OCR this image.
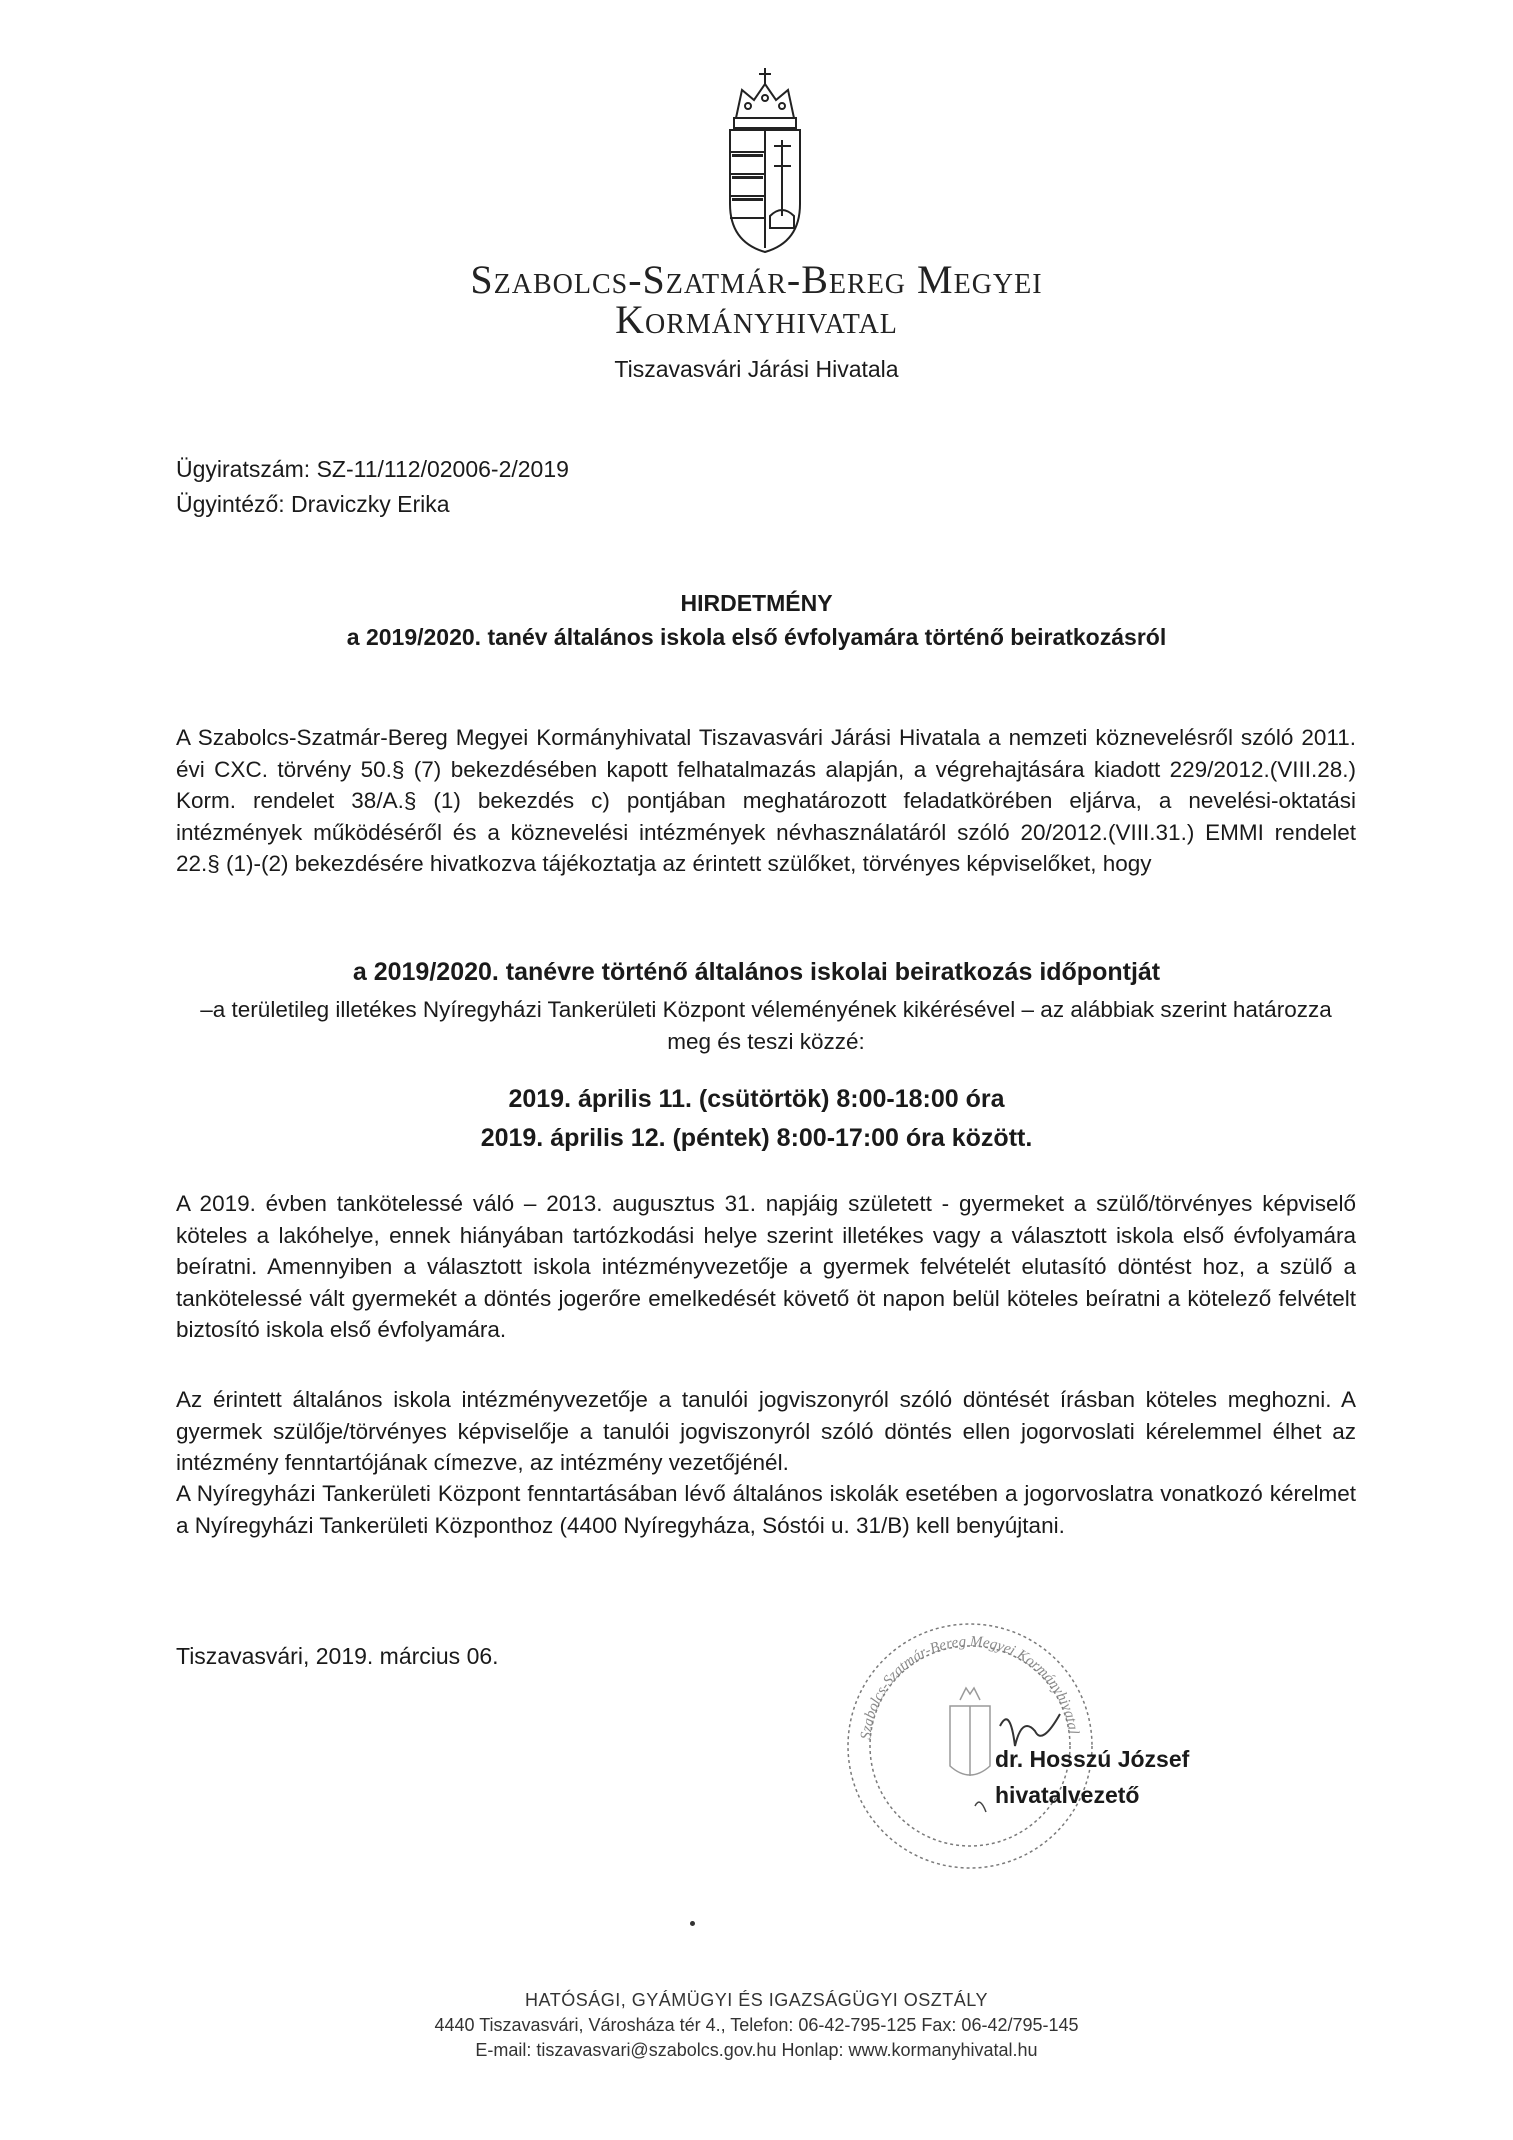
Szabolcs-Szatmár-Bereg Megyei
Kormányhivatal
Tiszavasvári Járási Hivatala
Ügyiratszám: SZ-11/112/02006-2/2019
Ügyintéző: Draviczky Erika
HIRDETMÉNY
a 2019/2020. tanév általános iskola első évfolyamára történő beiratkozásról

A Szabolcs-Szatmár-Bereg Megyei Kormányhivatal Tiszavasvári Járási Hivatala a nemzeti köznevelésről szóló 2011. évi CXC. törvény 50.§ (7) bekezdésében kapott felhatalmazás alapján, a végrehajtására kiadott 229/2012.(VIII.28.) Korm. rendelet 38/A.§ (1) bekezdés c) pontjában meghatározott feladatkörében eljárva, a nevelési-oktatási intézmények működéséről és a köznevelési intézmények névhasználatáról szóló 20/2012.(VIII.31.) EMMI rendelet 22.§ (1)-(2) bekezdésére hivatkozva tájékoztatja az érintett szülőket, törvényes képviselőket, hogy

a 2019/2020. tanévre történő általános iskolai beiratkozás időpontját

–a területileg illetékes Nyíregyházi Tankerületi Központ véleményének kikérésével – az alábbiak szerint határozza meg és teszi közzé:

2019. április 11. (csütörtök) 8:00-18:00 óra
2019. április 12. (péntek) 8:00-17:00 óra között.

A 2019. évben tankötelessé váló – 2013. augusztus 31. napjáig született - gyermeket a szülő/törvényes képviselő köteles a lakóhelye, ennek hiányában tartózkodási helye szerint illetékes vagy a választott iskola első évfolyamára beíratni. Amennyiben a választott iskola intézményvezetője a gyermek felvételét elutasító döntést hoz, a szülő a tankötelessé vált gyermekét a döntés jogerőre emelkedését követő öt napon belül köteles beíratni a kötelező felvételt biztosító iskola első évfolyamára.

Az érintett általános iskola intézményvezetője a tanulói jogviszonyról szóló döntését írásban köteles meghozni. A gyermek szülője/törvényes képviselője a tanulói jogviszonyról szóló döntés ellen jogorvoslati kérelemmel élhet az intézmény fenntartójának címezve, az intézmény vezetőjénél.

A Nyíregyházi Tankerületi Központ fenntartásában lévő általános iskolák esetében a jogorvoslatra vonatkozó kérelmet a Nyíregyházi Tankerületi Központhoz (4400 Nyíregyháza, Sóstói u. 31/B) kell benyújtani.

Tiszavasvári, 2019. március 06.
Szabolcs-Szatmár-Bereg Megyei Kormányhivatal
dr. Hosszú József
hivatalvezető
HATÓSÁGI, GYÁMÜGYI ÉS IGAZSÁGÜGYI OSZTÁLY
4440 Tiszavasvári, Városháza tér 4., Telefon: 06-42-795-125 Fax: 06-42/795-145
E-mail: tiszavasvari@szabolcs.gov.hu Honlap: www.kormanyhivatal.hu
